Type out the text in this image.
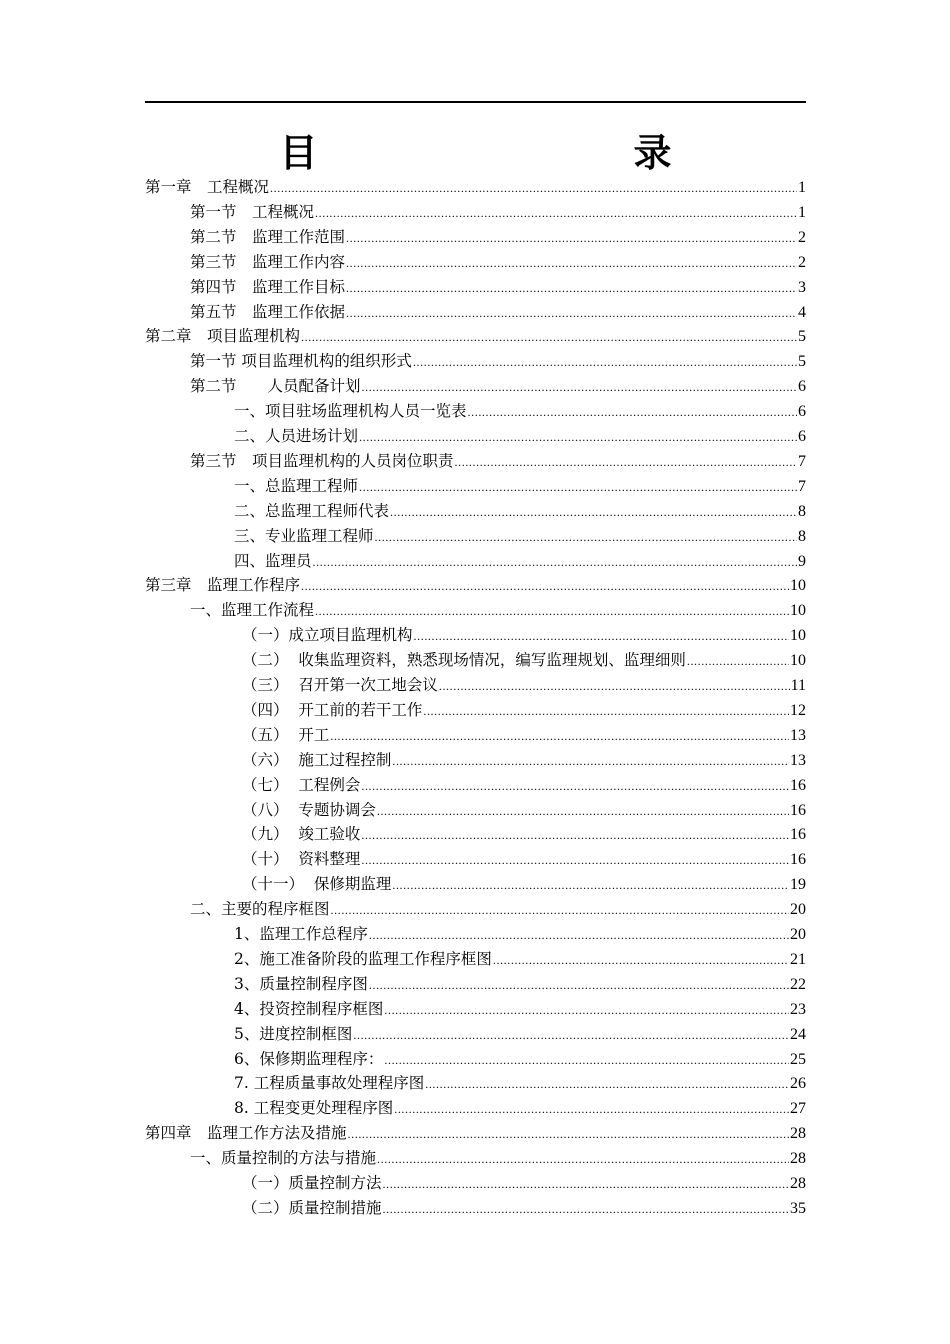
目　　录
第一章　工程概况 .....	1
第一节　工程概况 .....	1
第二节　监理工作范围 .....	2
第三节　监理工作内容 .....	2
第四节　监理工作目标 .....	3
第五节　监理工作依据 .....	4
第二章　项目监理机构 .....	5
第一节 项目监理机构的组织形式 .....	5
第二节　　人员配备计划 .....	6
一、项目驻场监理机构人员一览表 .....	6
二、人员进场计划 .....	6
第三节　项目监理机构的人员岗位职责 .....	7
一、总监理工程师 .....	7
二、总监理工程师代表 .....	8
三、专业监理工程师 .....	8
四、监理员 .....	9
第三章　监理工作程序 .....	10
一、监理工作流程 .....	10
（一）成立项目监理机构 .....	10
（二）  收集监理资料，熟悉现场情况，编写监理规划、监理细则 .....	10
（三）  召开第一次工地会议 .....	11
（四）  开工前的若干工作 .....	12
（五）  开工 .....	13
（六）  施工过程控制 .....	13
（七）  工程例会 .....	16
（八）  专题协调会 .....	16
（九）  竣工验收 .....	16
（十）  资料整理 .....	16
（十一）  保修期监理 .....	19
二、主要的程序框图 .....	20
1、监理工作总程序 .....	20
2、施工准备阶段的监理工作程序框图 .....	21
3、质量控制程序图 .....	22
4、投资控制程序框图 .....	23
5、进度控制框图 .....	24
6、保修期监理程序： .....	25
7. 工程质量事故处理程序图 .....	26
8. 工程变更处理程序图 .....	27
第四章　监理工作方法及措施 .....	28
一、质量控制的方法与措施 .....	28
（一）质量控制方法 .....	28
（二）质量控制措施 .....	35
